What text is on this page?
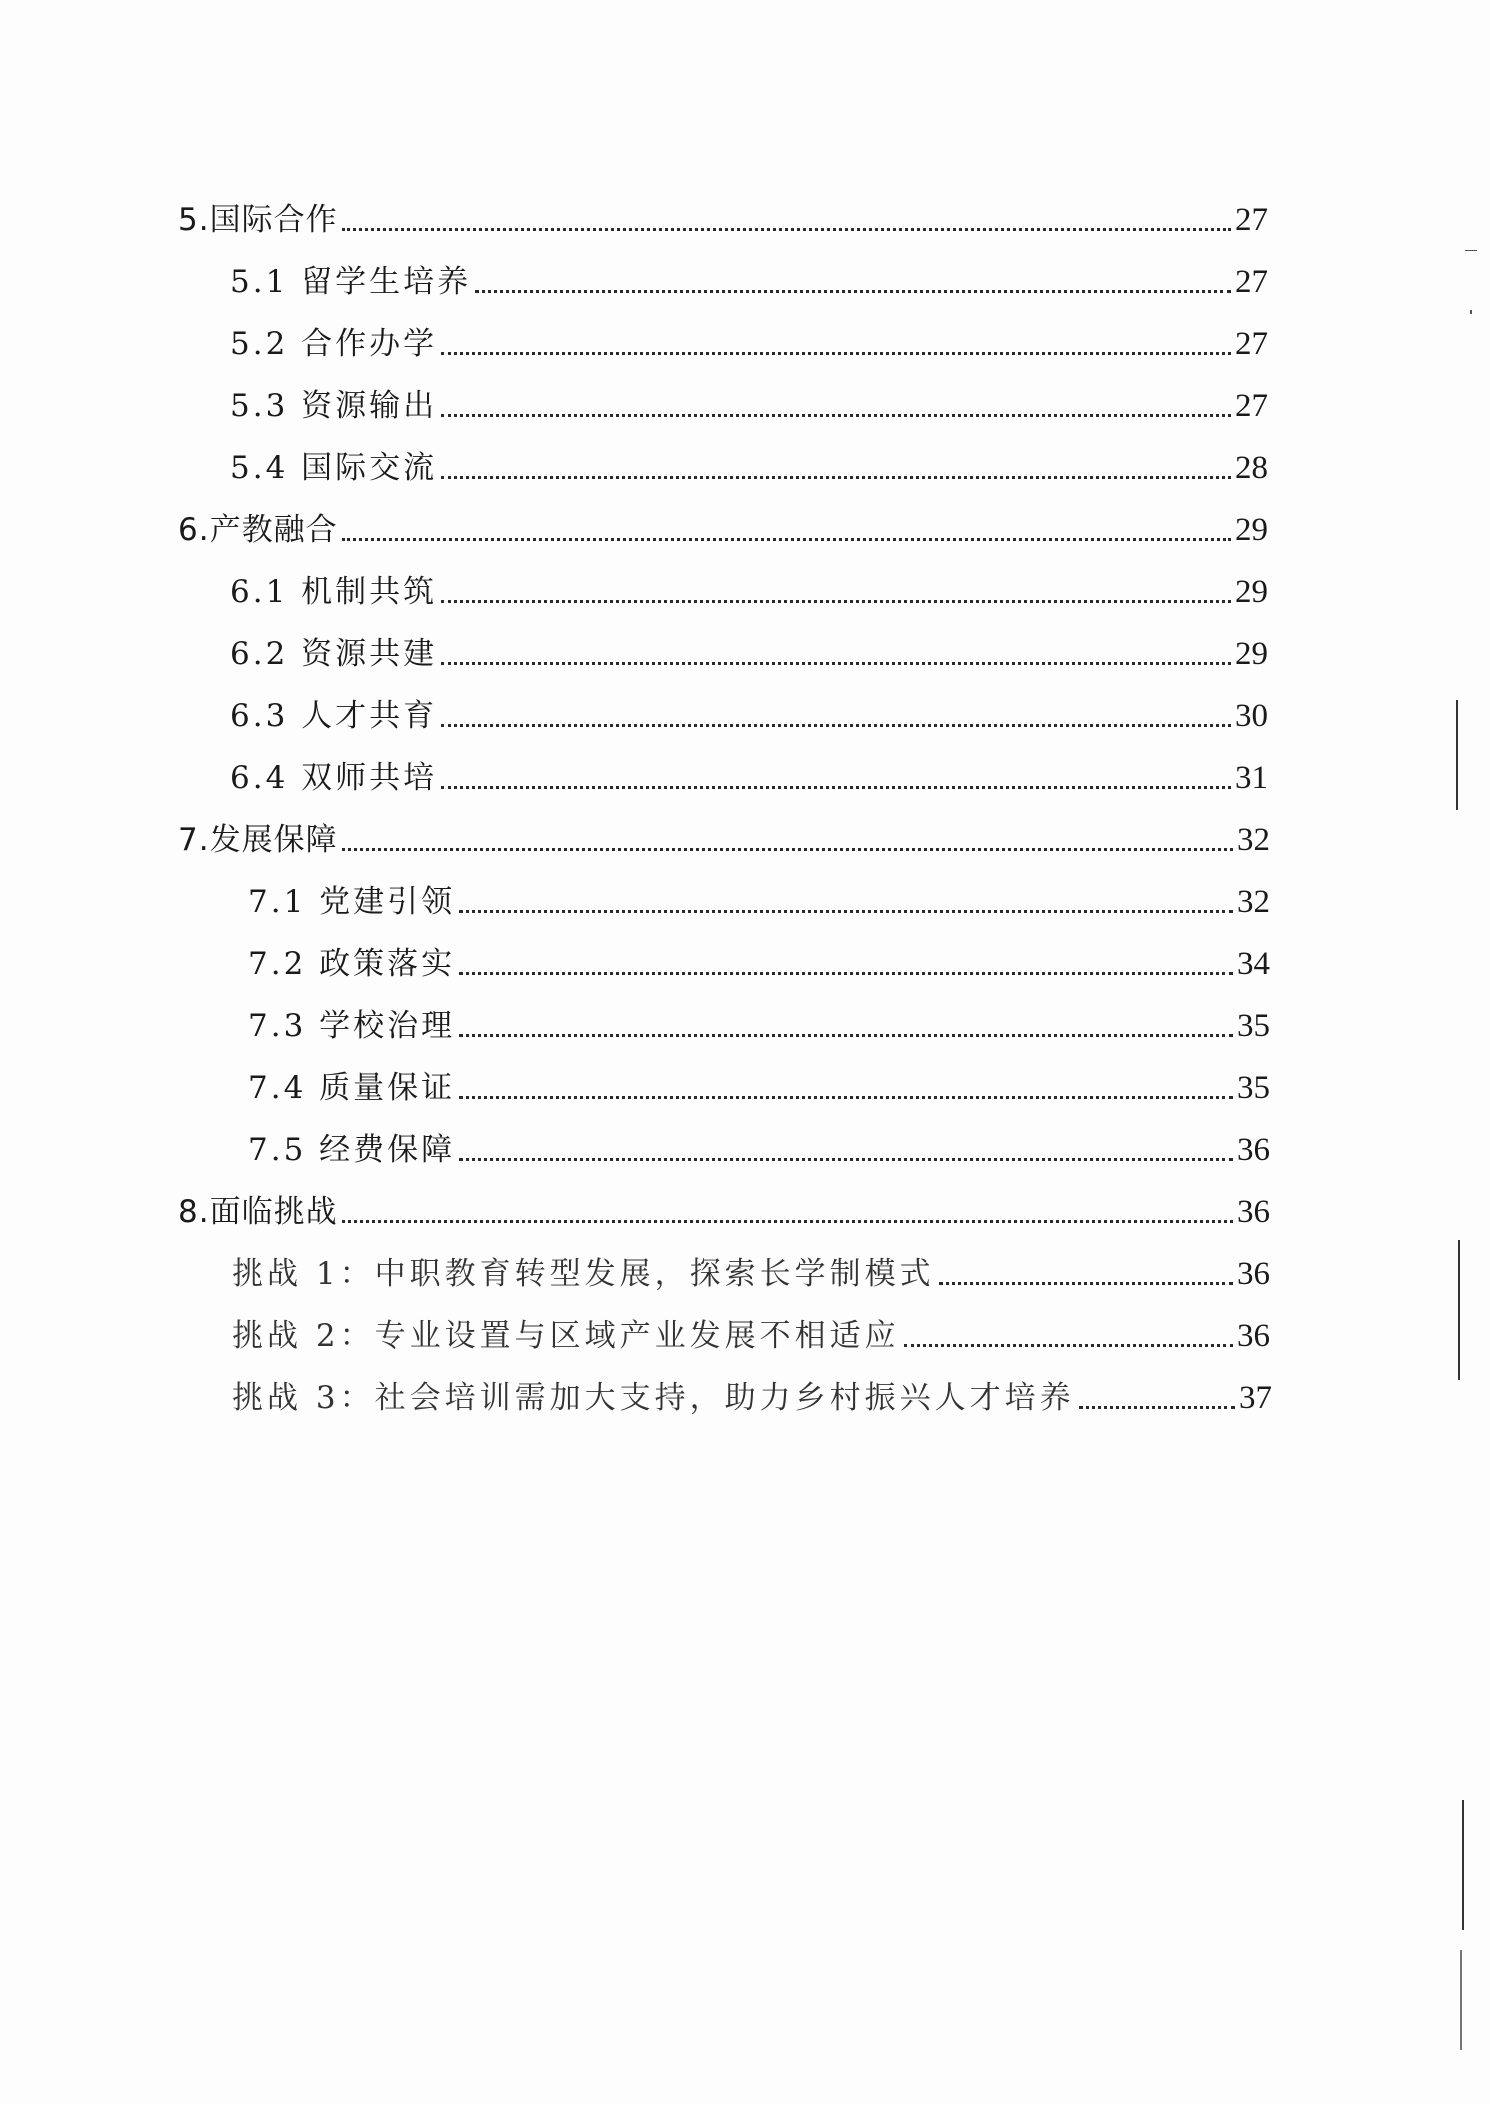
5.国际合作	27
5.1 留学生培养	27
5.2 合作办学	27
5.3 资源输出	27
5.4 国际交流	28
6.产教融合	29
6.1 机制共筑	29
6.2 资源共建	29
6.3 人才共育	30
6.4 双师共培	31
7.发展保障	32
7.1 党建引领	32
7.2 政策落实	34
7.3 学校治理	35
7.4 质量保证	35
7.5 经费保障	36
8.面临挑战	36
挑战 1：中职教育转型发展，探索长学制模式	36
挑战 2：专业设置与区域产业发展不相适应	36
挑战 3：社会培训需加大支持，助力乡村振兴人才培养	37
